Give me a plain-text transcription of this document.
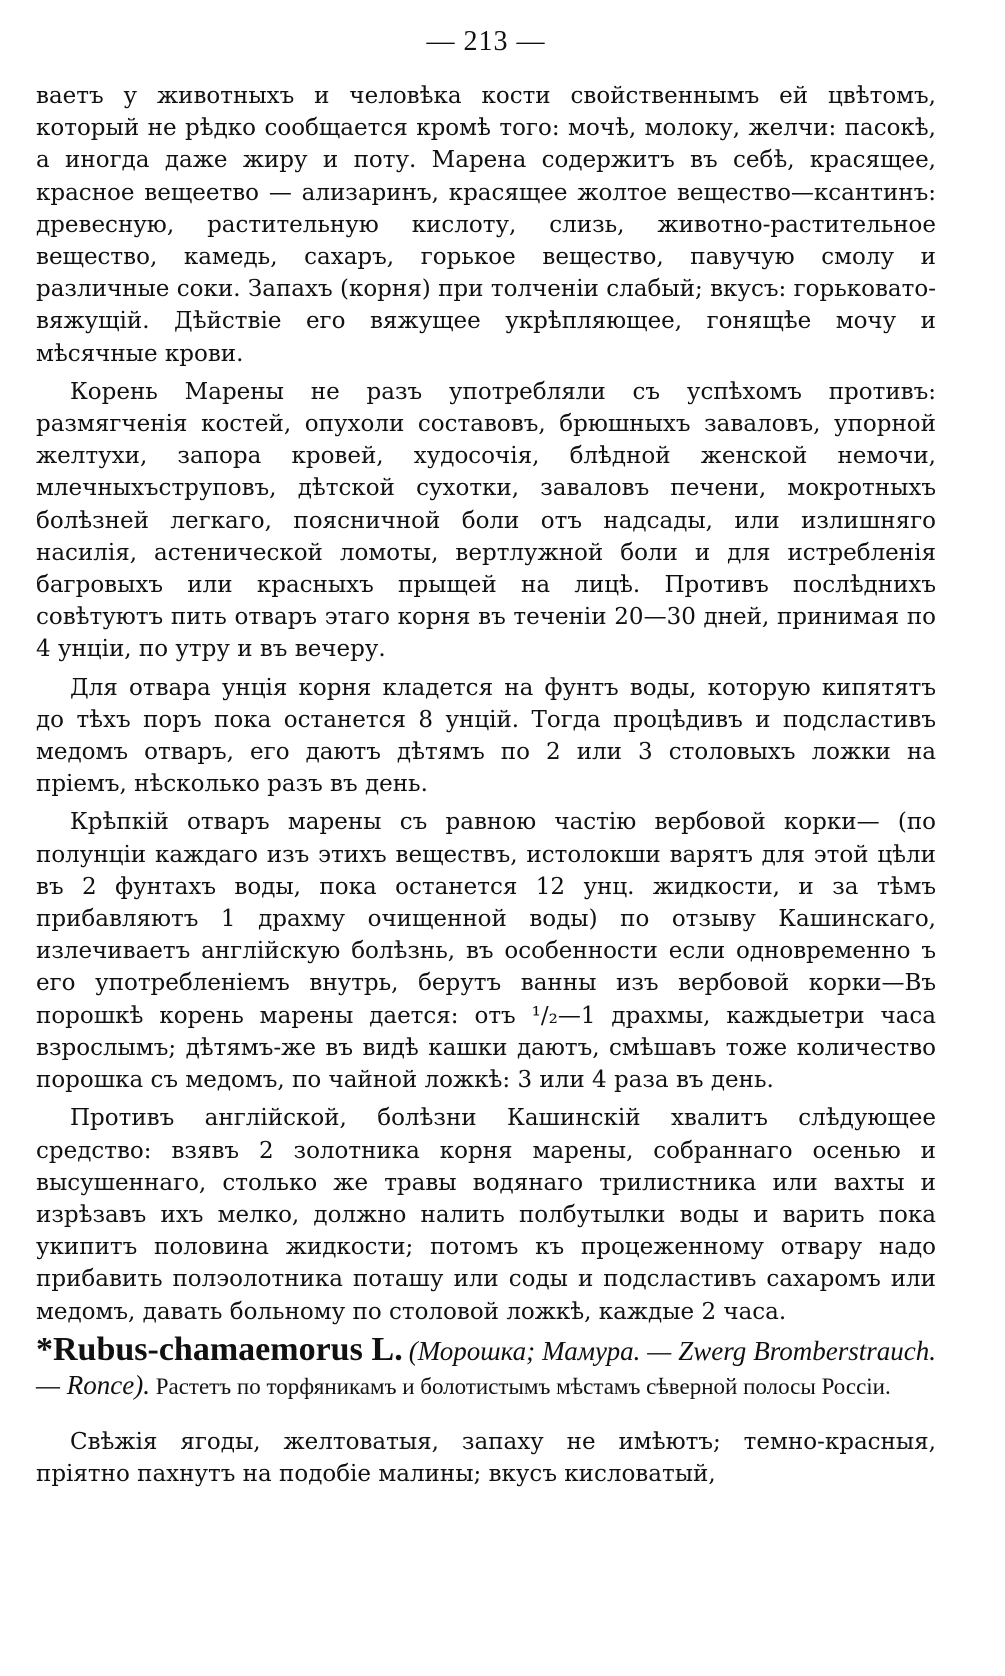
— 213 —

ваетъ у животныхъ и человѣка кости свойственнымъ ей цвѣтомъ, который не рѣдко сообщается кромѣ того: мочѣ, молоку, желчи: пасокѣ, а иногда даже жиру и поту. Марена содержитъ въ себѣ, красящее, красное вещеетво — ализаринъ, красящее жолтое вещество—ксантинъ: древесную, растительную кислоту, слизь, животно-растительное вещество, камедь, сахаръ, горькое вещество, павучую смолу и различные соки. Запахъ (корня) при толченіи слабый; вкусъ: горьковато-вяжущій. Дѣйствіе его вяжущее укрѣпляющее, гонящѣе мочу и мѣсячные крови.

Корень Марены не разъ употребляли съ успѣхомъ противъ: размягченія костей, опухоли составовъ, брюшныхъ заваловъ, упорной желтухи, запора кровей, худосочія, блѣдной женской немочи, млечныхъструповъ, дѣтской сухотки, заваловъ печени, мокротныхъ болѣзней легкаго, поясничной боли отъ надсады, или излишняго насилія, астенической ломоты, вертлужной боли и для истребленія багровыхъ или красныхъ прыщей на лицѣ. Противъ послѣднихъ совѣтуютъ пить отваръ этаго корня въ теченіи 20—30 дней, принимая по 4 унціи, по утру и въ вечеру.

Для отвара унція корня кладется на фунтъ воды, которую кипятятъ до тѣхъ поръ пока останется 8 унцій. Тогда процѣдивъ и подсластивъ медомъ отваръ, его даютъ дѣтямъ по 2 или 3 столовыхъ ложки на пріемъ, нѣсколько разъ въ день.

Крѣпкій отваръ марены съ равною частію вербовой корки— (по полунціи каждаго изъ этихъ веществъ, истолокши варятъ для этой цѣли въ 2 фунтахъ воды, пока останется 12 унц. жидкости, и за тѣмъ прибавляютъ 1 драхму очищенной воды) по отзыву Кашинскаго, излечиваетъ англійскую болѣзнь, въ особенности если одновременно ъ его употребленіемъ внутрь, берутъ ванны изъ вербовой корки—Въ порошкѣ корень марены дается: отъ ¹/₂—1 драхмы, каждыетри часа взрослымъ; дѣтямъ-же въ видѣ кашки даютъ, смѣшавъ тоже количество порошка съ медомъ, по чайной ложкѣ: 3 или 4 раза въ день.

Противъ англійской, болѣзни Кашинскій хвалитъ слѣдующее средство: взявъ 2 золотника корня марены, собраннаго осенью и высушеннаго, столько же травы водянаго трилистника или вахты и изрѣзавъ ихъ мелко, должно налить полбутылки воды и варить пока укипитъ половина жидкости; потомъ къ процеженному отвару надо прибавить полэолотника поташу или соды и подсластивъ сахаромъ или медомъ, давать больному по столовой ложкѣ, каждые 2 часа.

*Rubus-chamaemorus L. (Морошка; Мамура. — Zwerg Bromberstrauch. — Ronce). Растетъ по торфяникамъ и болотистымъ мѣстамъ сѣверной полосы Россіи.

Свѣжія ягоды, желтоватыя, запаху не имѣютъ; темно-красныя, пріятно пахнутъ на подобіе малины; вкусъ кисловатый,
